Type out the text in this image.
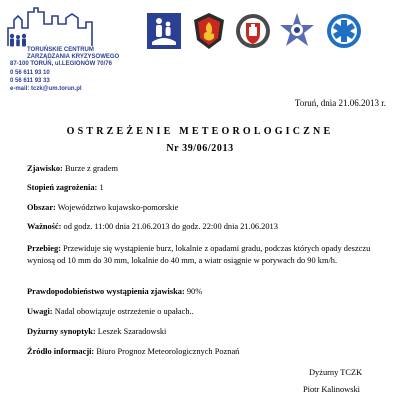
TORUŃSKIE CENTRUM
ZARZĄDZANIA KRYZYSOWEGO
87-100 TORUŃ, ul.LEGIONÓW 70/76
0 56 611 93 10
0 56 611 93 33
e-mail: tczk@um.torun.pl
Toruń, dnia 21.06.2013 r.
OSTRZEŻENIE METEOROLOGICZNE
Nr 39/06/2013
Zjawisko: Burze z gradem
Stopień zagrożenia: 1
Obszar: Województwo kujawsko-pomorskie
Ważność: od godz. 11:00 dnia 21.06.2013 do godz. 22:00 dnia 21.06.2013
Przebieg: Przewiduje się wystąpienie burz, lokalnie z opadami gradu, podczas których opady deszczu wyniosą od 10 mm do 30 mm, lokalnie do 40 mm, a wiatr osiągnie w porywach do 90 km/h.
Prawdopodobieństwo wystąpienia zjawiska: 90%
Uwagi: Nadal obowiązuje ostrzeżenie o upałach..
Dyżurny synoptyk: Leszek Szaradowski
Źródło informacji: Biuro Prognoz Meteorologicznych Poznań
Dyżurny TCZK
Piotr Kalinowski
